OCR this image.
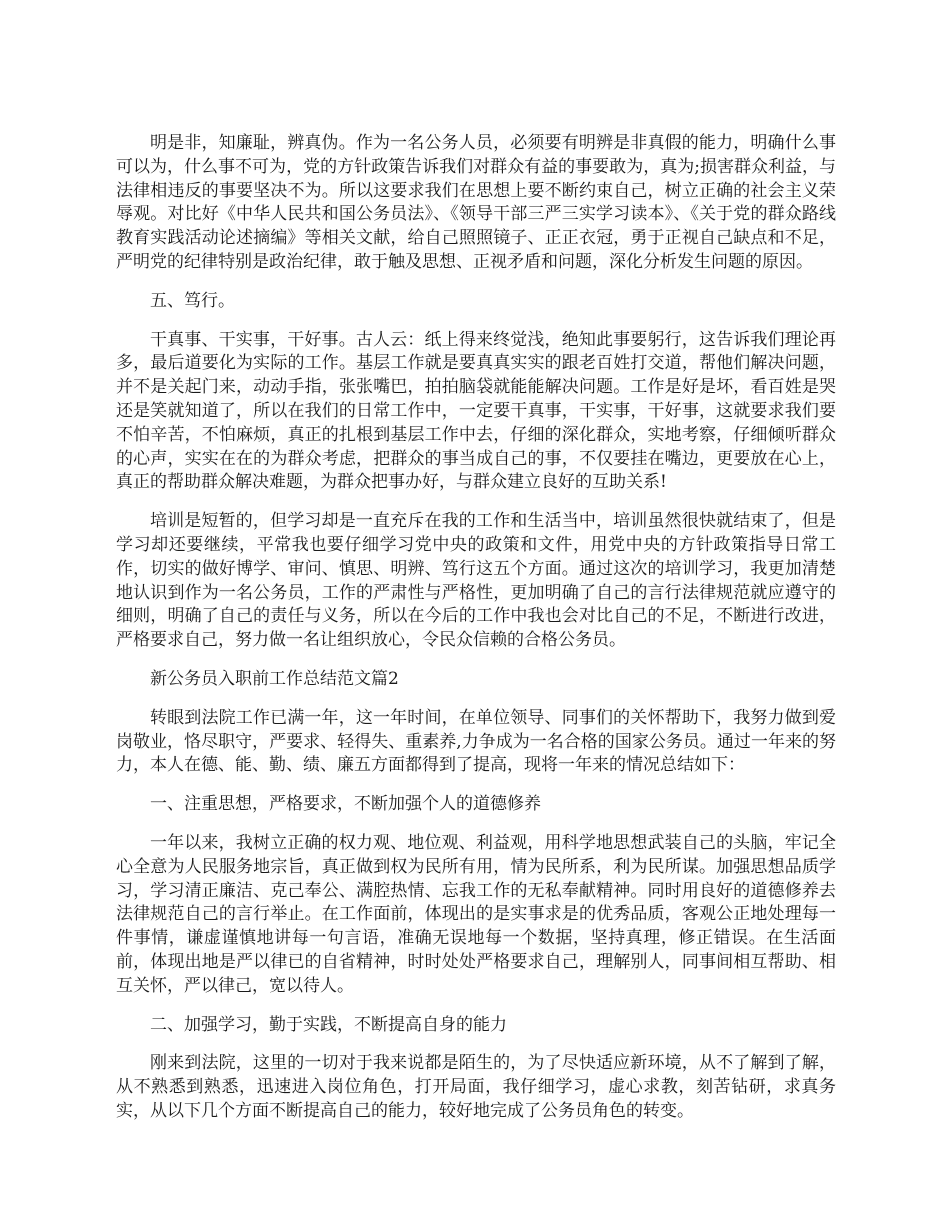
明是非，知廉耻，辨真伪。作为一名公务人员，必须要有明辨是非真假的能力，明确什么事可以为，什么事不可为，党的方针政策告诉我们对群众有益的事要敢为，真为;损害群众利益，与法律相违反的事要坚决不为。所以这要求我们在思想上要不断约束自己，树立正确的社会主义荣辱观。对比好《中华人民共和国公务员法》、《领导干部三严三实学习读本》、《关于党的群众路线教育实践活动论述摘编》等相关文献，给自己照照镜子、正正衣冠，勇于正视自己缺点和不足，严明党的纪律特别是政治纪律，敢于触及思想、正视矛盾和问题，深化分析发生问题的原因。

五、笃行。

干真事、干实事，干好事。古人云：纸上得来终觉浅，绝知此事要躬行，这告诉我们理论再多，最后道要化为实际的工作。基层工作就是要真真实实的跟老百姓打交道，帮他们解决问题，并不是关起门来，动动手指，张张嘴巴，拍拍脑袋就能能解决问题。工作是好是坏，看百姓是哭还是笑就知道了，所以在我们的日常工作中，一定要干真事，干实事，干好事，这就要求我们要不怕辛苦，不怕麻烦，真正的扎根到基层工作中去，仔细的深化群众，实地考察，仔细倾听群众的心声，实实在在的为群众考虑，把群众的事当成自己的事，不仅要挂在嘴边，更要放在心上，真正的帮助群众解决难题，为群众把事办好，与群众建立良好的互助关系!

培训是短暂的，但学习却是一直充斥在我的工作和生活当中，培训虽然很快就结束了，但是学习却还要继续，平常我也要仔细学习党中央的政策和文件，用党中央的方针政策指导日常工作，切实的做好博学、审问、慎思、明辨、笃行这五个方面。通过这次的培训学习，我更加清楚地认识到作为一名公务员，工作的严肃性与严格性，更加明确了自己的言行法律规范就应遵守的细则，明确了自己的责任与义务，所以在今后的工作中我也会对比自己的不足，不断进行改进，严格要求自己，努力做一名让组织放心，令民众信赖的合格公务员。

新公务员入职前工作总结范文篇2

转眼到法院工作已满一年，这一年时间，在单位领导、同事们的关怀帮助下，我努力做到爱岗敬业，恪尽职守，严要求、轻得失、重素养,力争成为一名合格的国家公务员。通过一年来的努力，本人在德、能、勤、绩、廉五方面都得到了提高，现将一年来的情况总结如下：

一、注重思想，严格要求，不断加强个人的道德修养

一年以来，我树立正确的权力观、地位观、利益观，用科学地思想武装自己的头脑，牢记全心全意为人民服务地宗旨，真正做到权为民所有用，情为民所系，利为民所谋。加强思想品质学习，学习清正廉洁、克己奉公、满腔热情、忘我工作的无私奉献精神。同时用良好的道德修养去法律规范自己的言行举止。在工作面前，体现出的是实事求是的优秀品质，客观公正地处理每一件事情，谦虚谨慎地讲每一句言语，准确无误地每一个数据，坚持真理，修正错误。在生活面前，体现出地是严以律已的自省精神，时时处处严格要求自己，理解别人，同事间相互帮助、相互关怀，严以律己，宽以待人。

二、加强学习，勤于实践，不断提高自身的能力

刚来到法院，这里的一切对于我来说都是陌生的，为了尽快适应新环境，从不了解到了解，从不熟悉到熟悉，迅速进入岗位角色，打开局面，我仔细学习，虚心求教，刻苦钻研，求真务实，从以下几个方面不断提高自己的能力，较好地完成了公务员角色的转变。
